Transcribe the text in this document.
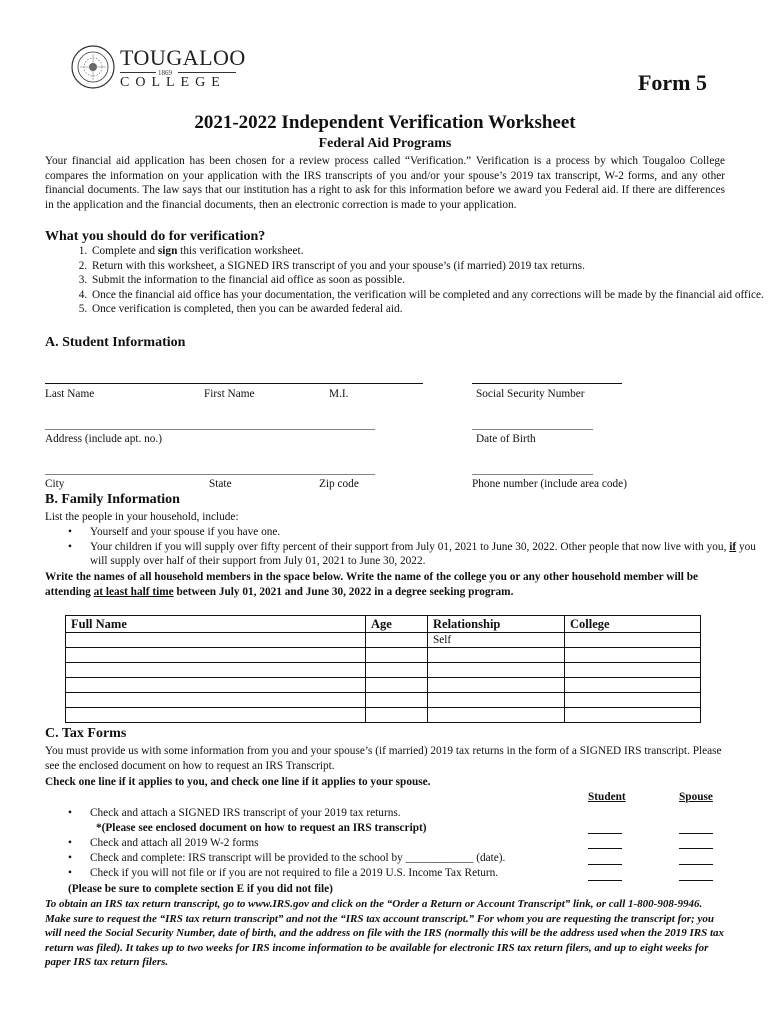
TOUGALOO
1869
COLLEGE	Form 5
2021-2022 Independent Verification Worksheet
Federal Aid Programs
Your financial aid application has been chosen for a review process called “Verification.” Verification is a process by which Tougaloo College compares the information on your application with the IRS transcripts of you and/or your spouse’s 2019 tax transcript, W-2 forms, and any other financial documents. The law says that our institution has a right to ask for this information before we award you Federal aid. If there are differences in the application and the financial documents, then an electronic correction is made to your application.
What you should do for verification?
1. Complete and sign this verification worksheet.
2. Return with this worksheet, a SIGNED IRS transcript of you and your spouse’s (if married) 2019 tax returns.
3. Submit the information to the financial aid office as soon as possible.
4. Once the financial aid office has your documentation, the verification will be completed and any corrections will be made by the financial aid office.
5. Once verification is completed, then you can be awarded federal aid.
A. Student Information
Last Name	First Name	M.I.	Social Security Number
____________________________________________________________	______________________
Address (include apt. no.)	Date of Birth
____________________________________________________________	______________________
City	State	Zip code	Phone number (include area code)
B. Family Information
List the people in your household, include:
• Yourself and your spouse if you have one.
• Your children if you will supply over fifty percent of their support from July 01, 2021 to June 30, 2022. Other people that now live with you, if you will supply over half of their support from July 01, 2021 to June 30, 2022.
Write the names of all household members in the space below. Write the name of the college you or any other household member will be attending at least half time between July 01, 2021 and June 30, 2022 in a degree seeking program.
Full Name	Age	Relationship	College
		Self	

C. Tax Forms
You must provide us with some information from you and your spouse’s (if married) 2019 tax returns in the form of a SIGNED IRS transcript. Please see the enclosed document on how to request an IRS Transcript.
Check one line if it applies to you, and check one line if it applies to your spouse.
Student	Spouse
• Check and attach a SIGNED IRS transcript of your 2019 tax returns.
*(Please see enclosed document on how to request an IRS transcript)
• Check and attach all 2019 W-2 forms
• Check and complete: IRS transcript will be provided to the school by ____________ (date).
• Check if you will not file or if you are not required to file a 2019 U.S. Income Tax Return.
(Please be sure to complete section E if you did not file)
To obtain an IRS tax return transcript, go to www.IRS.gov and click on the “Order a Return or Account Transcript” link, or call 1-800-908-9946. Make sure to request the “IRS tax return transcript” and not the “IRS tax account transcript.” For whom you are requesting the transcript for; you will need the Social Security Number, date of birth, and the address on file with the IRS (normally this will be the address used when the 2019 IRS tax return was filed). It takes up to two weeks for IRS income information to be available for electronic IRS tax return filers, and up to eight weeks for paper IRS tax return filers.
